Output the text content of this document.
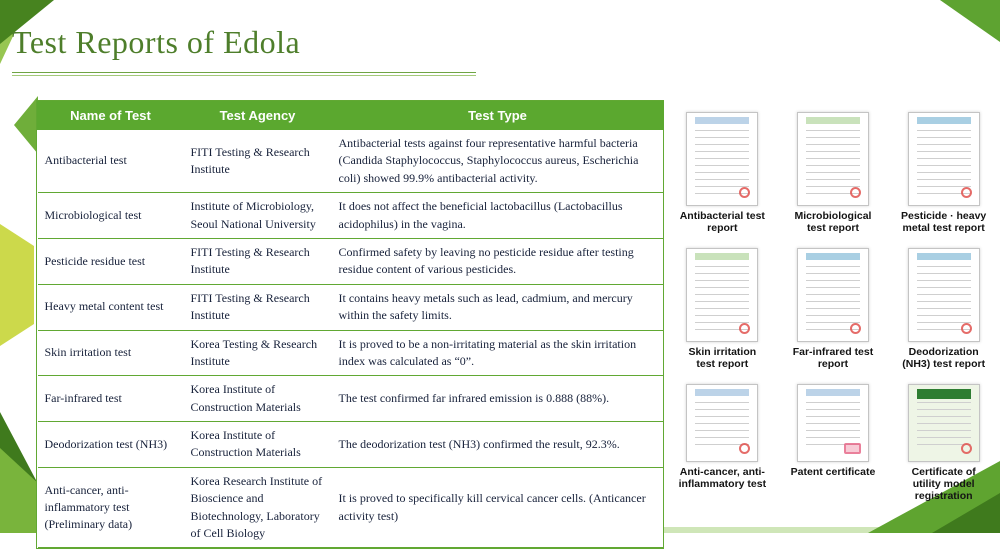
Test Reports of Edola
Name of Test	Test Agency	Test Type
Antibacterial test	FITI Testing & Research Institute	Antibacterial tests against four representative harmful bacteria (Candida Staphylococcus, Staphylococcus aureus, Escherichia coli) showed 99.9% antibacterial activity.
Microbiological test	Institute of Microbiology, Seoul National University	It does not affect the beneficial lactobacillus (Lactobacillus acidophilus) in the vagina.
Pesticide residue test	FITI Testing & Research Institute	Confirmed safety by leaving no pesticide residue after testing residue content of various pesticides.
Heavy metal content test	FITI Testing & Research Institute	It contains heavy metals such as lead, cadmium, and mercury within the safety limits.
Skin irritation test	Korea Testing & Research Institute	It is proved to be a non-irritating material as the skin irritation index was calculated as “0”.
Far-infrared test	Korea Institute of Construction Materials	The test confirmed far infrared emission is 0.888 (88%).
Deodorization test (NH3)	Korea Institute of Construction Materials	The deodorization test (NH3) confirmed the result, 92.3%.
Anti-cancer, anti-inflammatory test (Preliminary data)	Korea Research Institute of Bioscience and Biotechnology, Laboratory of Cell Biology	It is proved to specifically kill cervical cancer cells. (Anticancer activity test)
Antibacterial test report
Microbiological test report
Pesticide · heavy metal test report
Skin irritation test report
Far-infrared test report
Deodorization (NH3) test report
Anti-cancer, anti-inflammatory test
Patent certificate	Certificate of utility model registration
